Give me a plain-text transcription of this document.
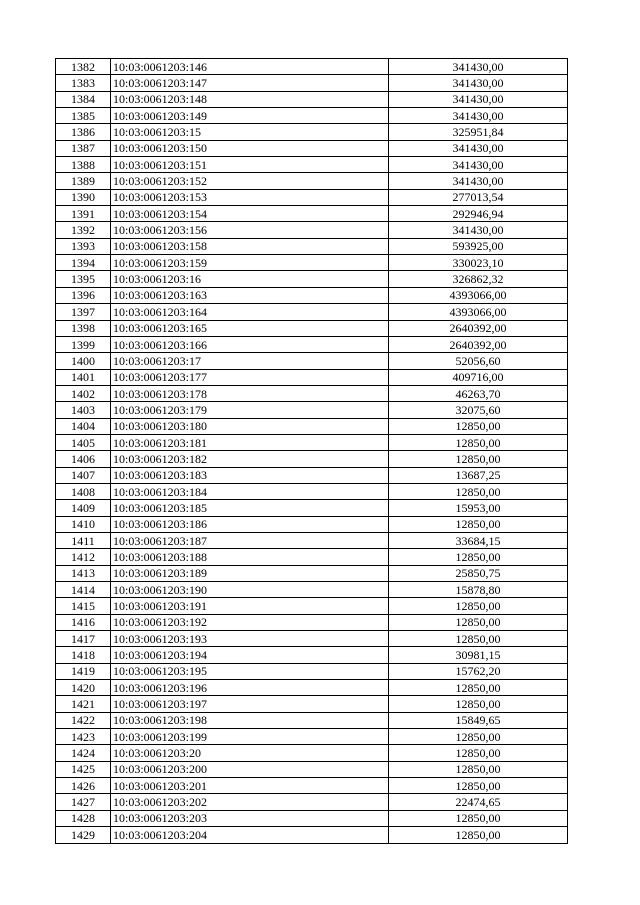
1382	10:03:0061203:146	341430,00
1383	10:03:0061203:147	341430,00
1384	10:03:0061203:148	341430,00
1385	10:03:0061203:149	341430,00
1386	10:03:0061203:15	325951,84
1387	10:03:0061203:150	341430,00
1388	10:03:0061203:151	341430,00
1389	10:03:0061203:152	341430,00
1390	10:03:0061203:153	277013,54
1391	10:03:0061203:154	292946,94
1392	10:03:0061203:156	341430,00
1393	10:03:0061203:158	593925,00
1394	10:03:0061203:159	330023,10
1395	10:03:0061203:16	326862,32
1396	10:03:0061203:163	4393066,00
1397	10:03:0061203:164	4393066,00
1398	10:03:0061203:165	2640392,00
1399	10:03:0061203:166	2640392,00
1400	10:03:0061203:17	52056,60
1401	10:03:0061203:177	409716,00
1402	10:03:0061203:178	46263,70
1403	10:03:0061203:179	32075,60
1404	10:03:0061203:180	12850,00
1405	10:03:0061203:181	12850,00
1406	10:03:0061203:182	12850,00
1407	10:03:0061203:183	13687,25
1408	10:03:0061203:184	12850,00
1409	10:03:0061203:185	15953,00
1410	10:03:0061203:186	12850,00
1411	10:03:0061203:187	33684,15
1412	10:03:0061203:188	12850,00
1413	10:03:0061203:189	25850,75
1414	10:03:0061203:190	15878,80
1415	10:03:0061203:191	12850,00
1416	10:03:0061203:192	12850,00
1417	10:03:0061203:193	12850,00
1418	10:03:0061203:194	30981,15
1419	10:03:0061203:195	15762,20
1420	10:03:0061203:196	12850,00
1421	10:03:0061203:197	12850,00
1422	10:03:0061203:198	15849,65
1423	10:03:0061203:199	12850,00
1424	10:03:0061203:20	12850,00
1425	10:03:0061203:200	12850,00
1426	10:03:0061203:201	12850,00
1427	10:03:0061203:202	22474,65
1428	10:03:0061203:203	12850,00
1429	10:03:0061203:204	12850,00
